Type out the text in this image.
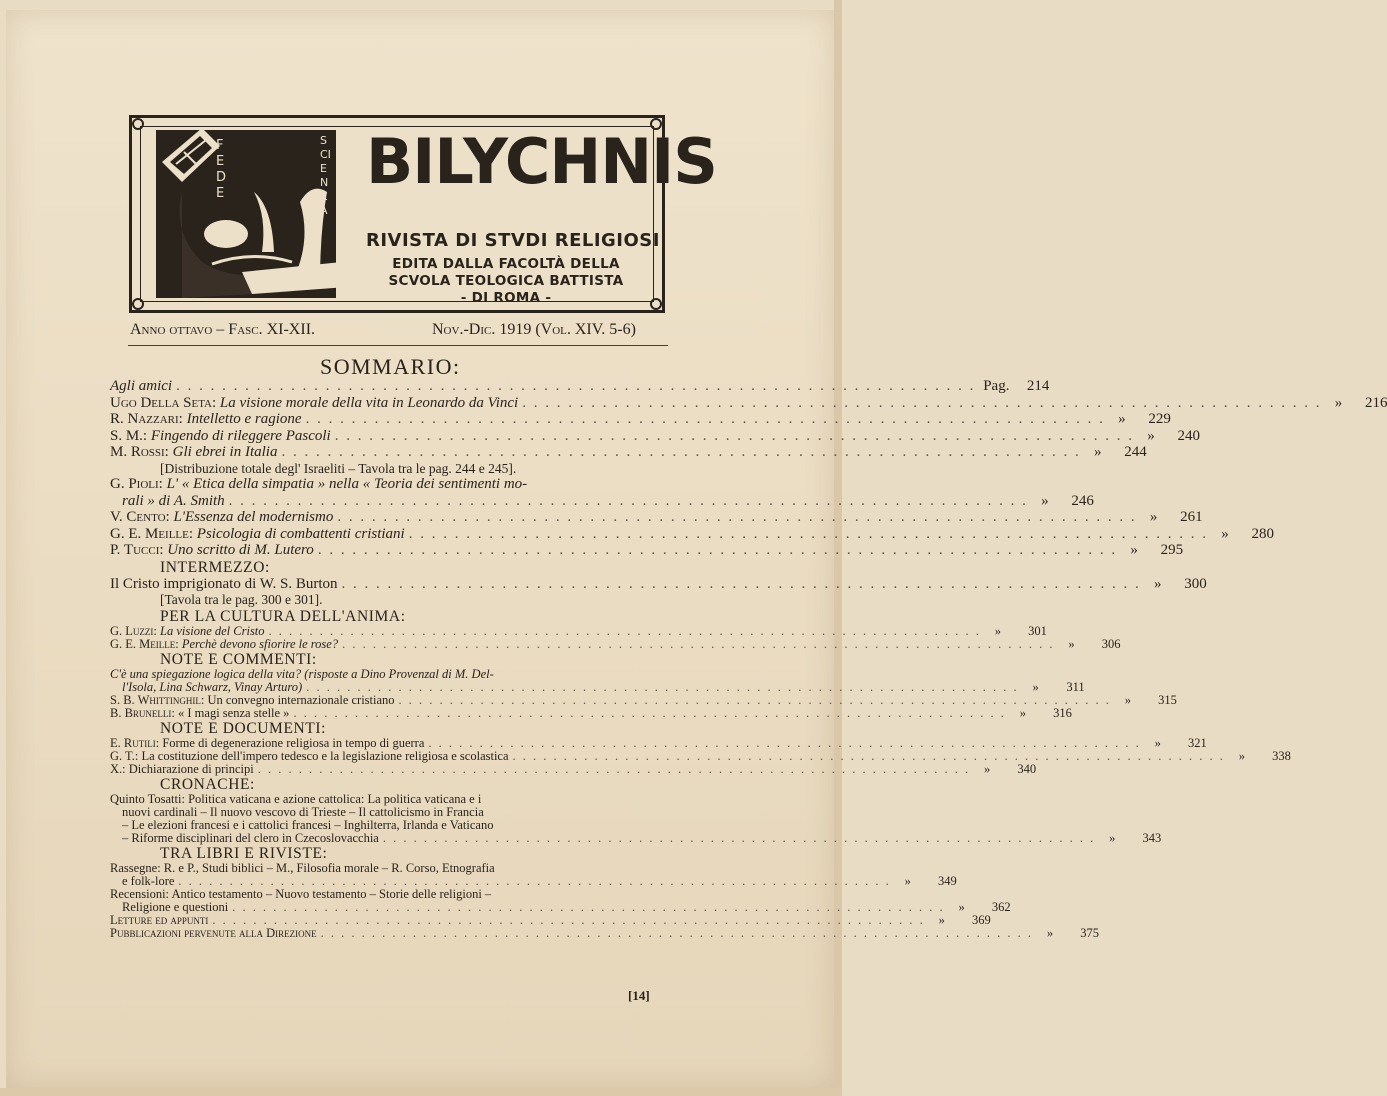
FEDE
SCIENZA
BILYCHNIS
RIVISTA DI STVDI RELIGIOSI
EDITA DALLA FACOLTÀ DELLA
SCVOLA TEOLOGICA BATTISTA
- DI ROMA -
Anno ottavo – Fasc. XI-XII.	Nov.-Dic. 1919 (Vol. XIV. 5-6)
SOMMARIO:
Agli amici . . .	Pag.	214
Ugo Della Seta: La visione morale della vita in Leonardo da Vinci . . .	»	216
R. Nazzari: Intelletto e ragione . . .	»	229
S. M.: Fingendo di rileggere Pascoli . . .	»	240
M. Rossi: Gli ebrei in Italia . . .	»	244
[Distribuzione totale degl' Israeliti – Tavola tra le pag. 244 e 245].
G. Pioli: L' « Etica della simpatia » nella « Teoria dei sentimenti mo-
rali » di A. Smith . . .	»	246
V. Cento: L'Essenza del modernismo . . .	»	261
G. E. Meille: Psicologia di combattenti cristiani . . .	»	280
P. Tucci: Uno scritto di M. Lutero . . .	»	295
INTERMEZZO:
Il Cristo imprigionato di W. S. Burton . . .	»	300
[Tavola tra le pag. 300 e 301].
PER LA CULTURA DELL'ANIMA:
G. Luzzi: La visione del Cristo . . .	»	301
G. E. Meille: Perchè devono sfiorire le rose? . . .	»	306
NOTE E COMMENTI:
C'è una spiegazione logica della vita? (risposte a Dino Provenzal di M. Del-
l'Isola, Lina Schwarz, Vinay Arturo) . . .	»	311
S. B. Whittinghil: Un convegno internazionale cristiano . . .	»	315
B. Brunelli: « I magi senza stelle » . . .	»	316
NOTE E DOCUMENTI:
E. Rutili: Forme di degenerazione religiosa in tempo di guerra . . .	»	321
G. T.: La costituzione dell'impero tedesco e la legislazione religiosa e scolastica . . .	»	338
X.: Dichiarazione di principi . . .	»	340
CRONACHE:
Quinto Tosatti: Politica vaticana e azione cattolica: La politica vaticana e i
nuovi cardinali – Il nuovo vescovo di Trieste – Il cattolicismo in Francia
– Le elezioni francesi e i cattolici francesi – Inghilterra, Irlanda e Vaticano
– Riforme disciplinari del clero in Czecoslovacchia . . .	»	343
TRA LIBRI E RIVISTE:
Rassegne: R. e P., Studi biblici – M., Filosofia morale – R. Corso, Etnografia
e folk-lore . . .	»	349
Recensioni: Antico testamento – Nuovo testamento – Storie delle religioni –
Religione e questioni . . .	»	362
Letture ed appunti . . .	»	369
Pubblicazioni pervenute alla Direzione . . .	»	375
[14]
